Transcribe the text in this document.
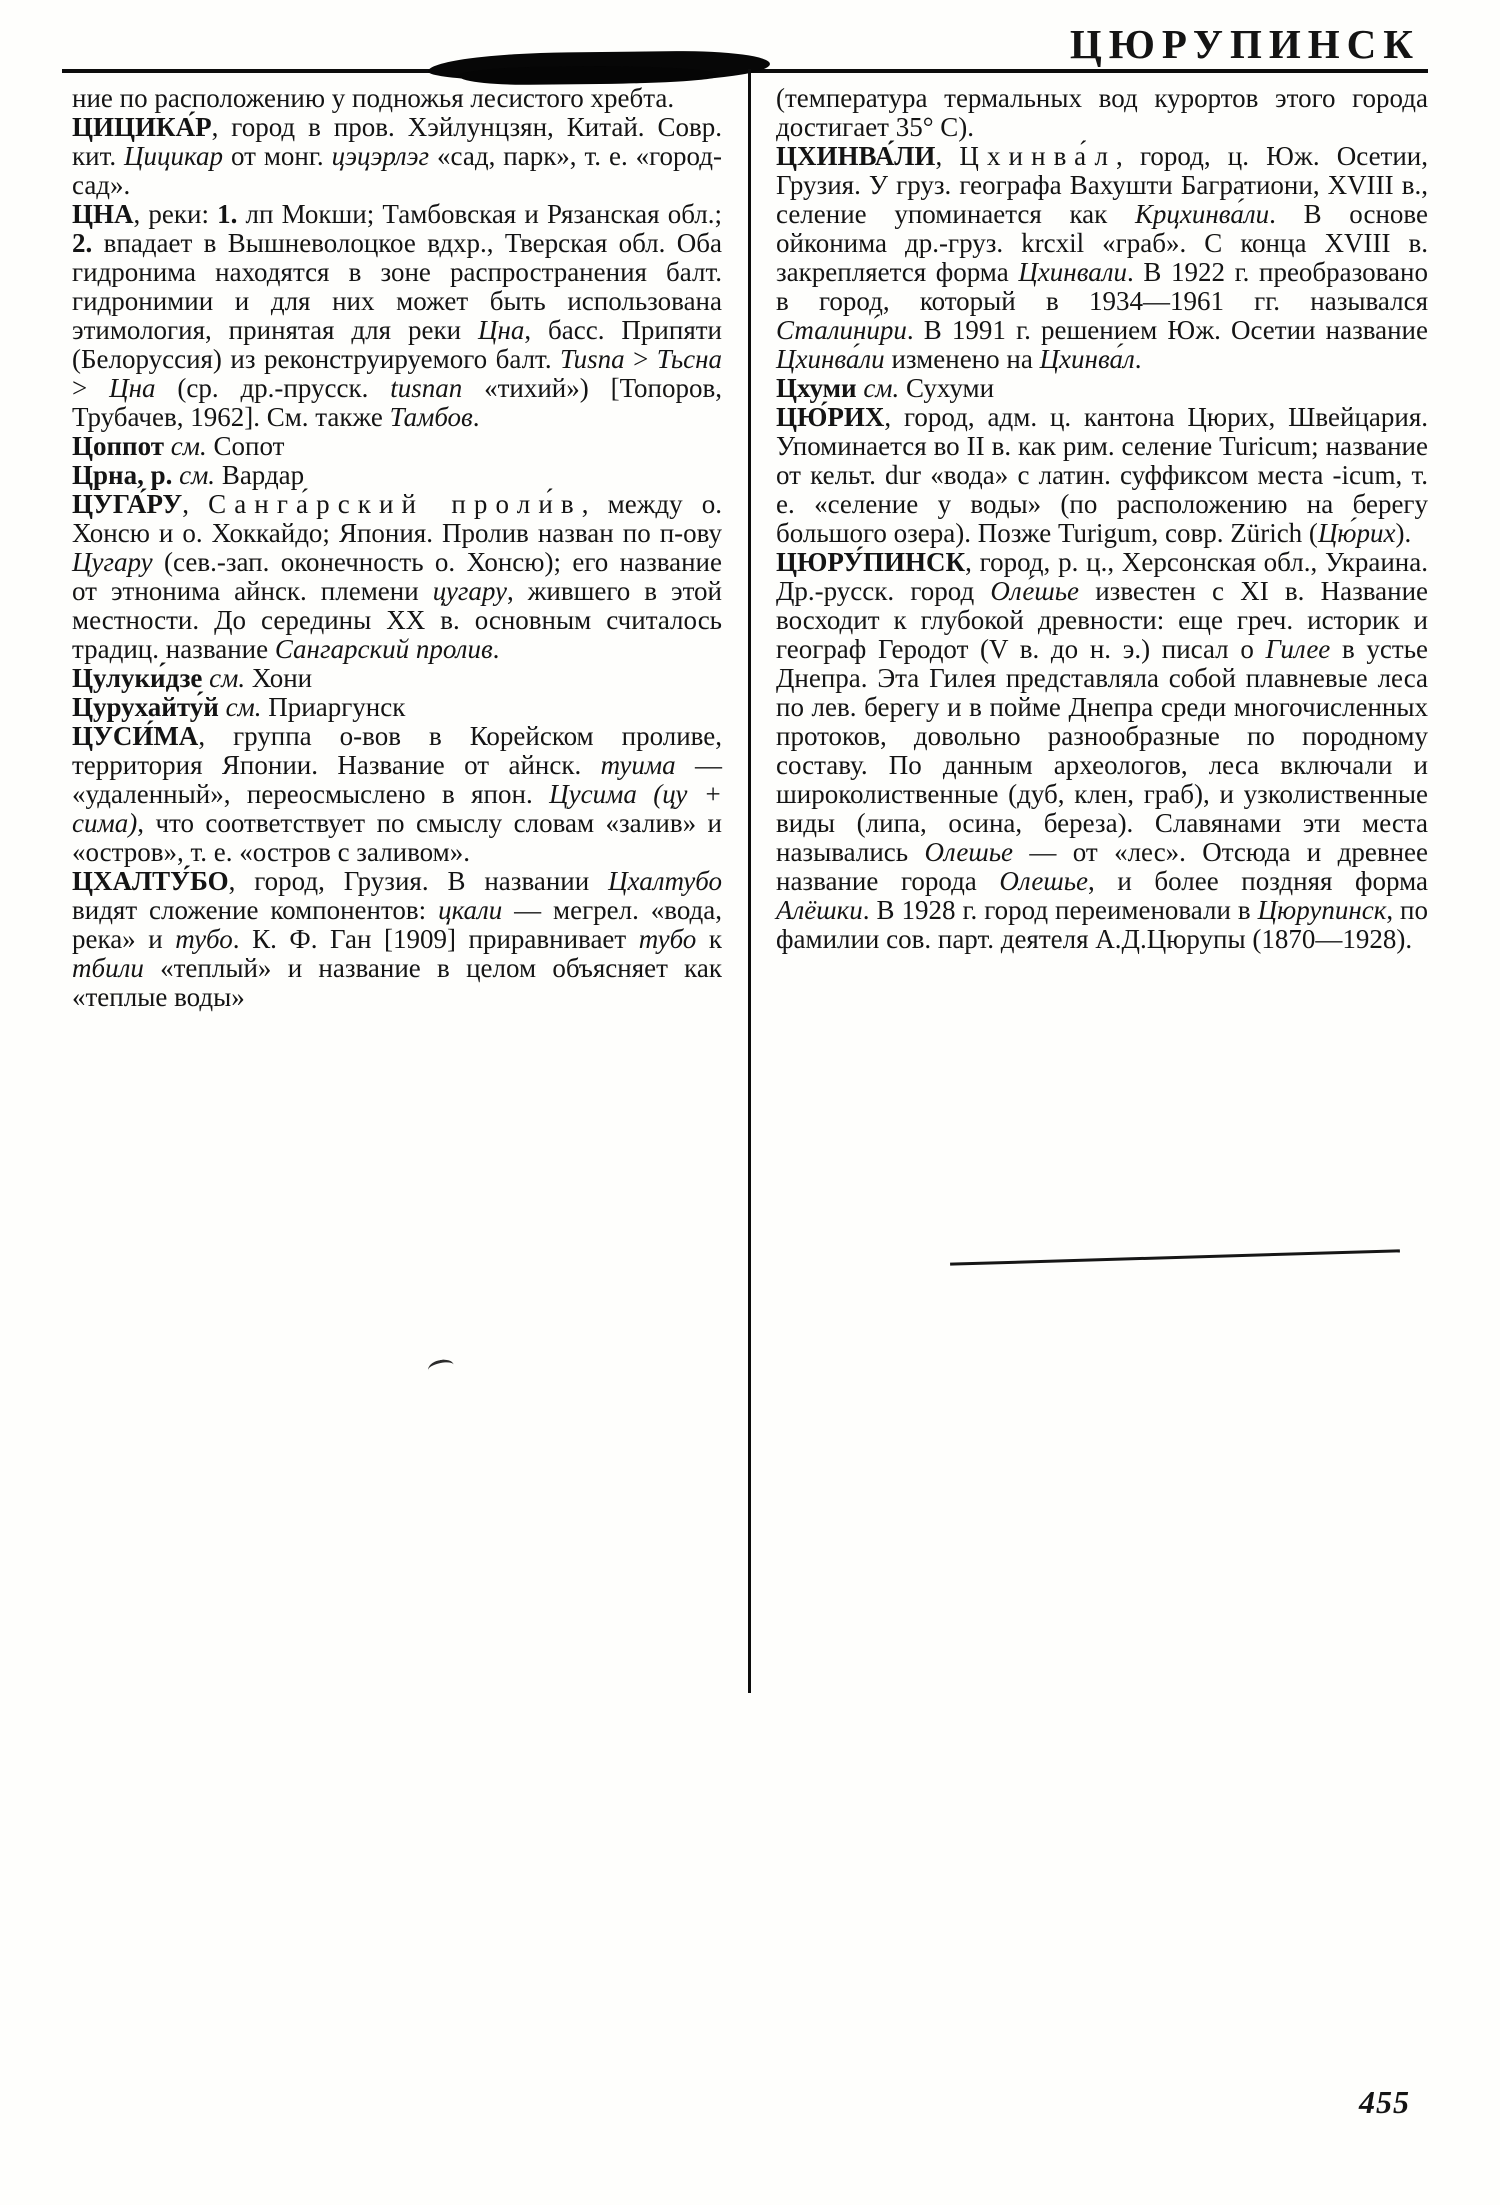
ЦЮРУПИНСК

ние по расположению у подножья лесистого хребта.

ЦИЦИКА́Р, город в пров. Хэйлунцзян, Китай. Совр. кит. Цицикар от монг. цэцэрлэг «сад, парк», т. е. «город-сад».

ЦНА, реки: 1. лп Мокши; Тамбовская и Рязанская обл.; 2. впадает в Вышневолоцкое вдхр., Тверская обл. Оба гидронима находятся в зоне распространения балт. гидронимии и для них может быть использована этимология, принятая для реки Цна, басс. Припяти (Белоруссия) из реконструируемого балт. Tusna > Тьсна > Цна (ср. др.-прусск. tusnan «тихий») [Топоров, Трубачев, 1962]. См. также Тамбов.

Цоппот см. Сопот

Црна, р. см. Вардар

ЦУГА́РУ, Санга́рский проли́в, между о. Хонсю и о. Хоккайдо; Япония. Пролив назван по п-ову Цугару (сев.-зап. оконечность о. Хонсю); его название от этнонима айнск. племени цугару, жившего в этой местности. До середины XX в. основным считалось традиц. название Сангарский пролив.

Цулуки́дзе см. Хони

Цурухайту́й см. Приаргунск

ЦУСИ́МА, группа о-вов в Корейском проливе, территория Японии. Название от айнск. туима — «удаленный», переосмыслено в япон. Цусима (цу + сима), что соответствует по смыслу словам «залив» и «остров», т. е. «остров с заливом».

ЦХАЛТУ́БО, город, Грузия. В названии Цхалтубо видят сложение компонентов: цкали — мегрел. «вода, река» и тубо. К. Ф. Ган [1909] приравнивает тубо к тбили «теплый» и название в целом объясняет как «теплые воды»

(температура термальных вод курортов этого города достигает 35° С).

ЦХИНВА́ЛИ, Цхинва́л, город, ц. Юж. Осетии, Грузия. У груз. географа Вахушти Багратиони, XVIII в., селение упоминается как Крцхинва́ли. В основе ойконима др.-груз. krcxil «граб». С конца XVIII в. закрепляется форма Цхинвали. В 1922 г. преобразовано в город, который в 1934—1961 гг. назывался Сталини́ри. В 1991 г. решением Юж. Осетии название Цхинва́ли изменено на Цхинва́л.

Цхуми см. Сухуми

ЦЮ́РИХ, город, адм. ц. кантона Цюрих, Швейцария. Упоминается во II в. как рим. селение Turicum; название от кельт. dur «вода» с латин. суффиксом места -icum, т. е. «селение у воды» (по расположению на берегу большого озера). Позже Turigum, совр. Zürich (Цю́рих).

ЦЮРУ́ПИНСК, город, р. ц., Херсонская обл., Украина. Др.-русск. город Оле́шье известен с XI в. Название восходит к глубокой древности: еще греч. историк и географ Геродот (V в. до н. э.) писал о Гилее в устье Днепра. Эта Гилея представляла собой плавневые леса по лев. берегу и в пойме Днепра среди многочисленных протоков, довольно разнообразные по породному составу. По данным археологов, леса включали и широколиственные (дуб, клен, граб), и узколиственные виды (липа, осина, береза). Славянами эти места назывались Олешье — от «лес». Отсюда и древнее название города Олешье, и более поздняя форма Алёшки. В 1928 г. город переименовали в Цюрупинск, по фамилии сов. парт. деятеля А.Д.Цюрупы (1870—1928).

455
